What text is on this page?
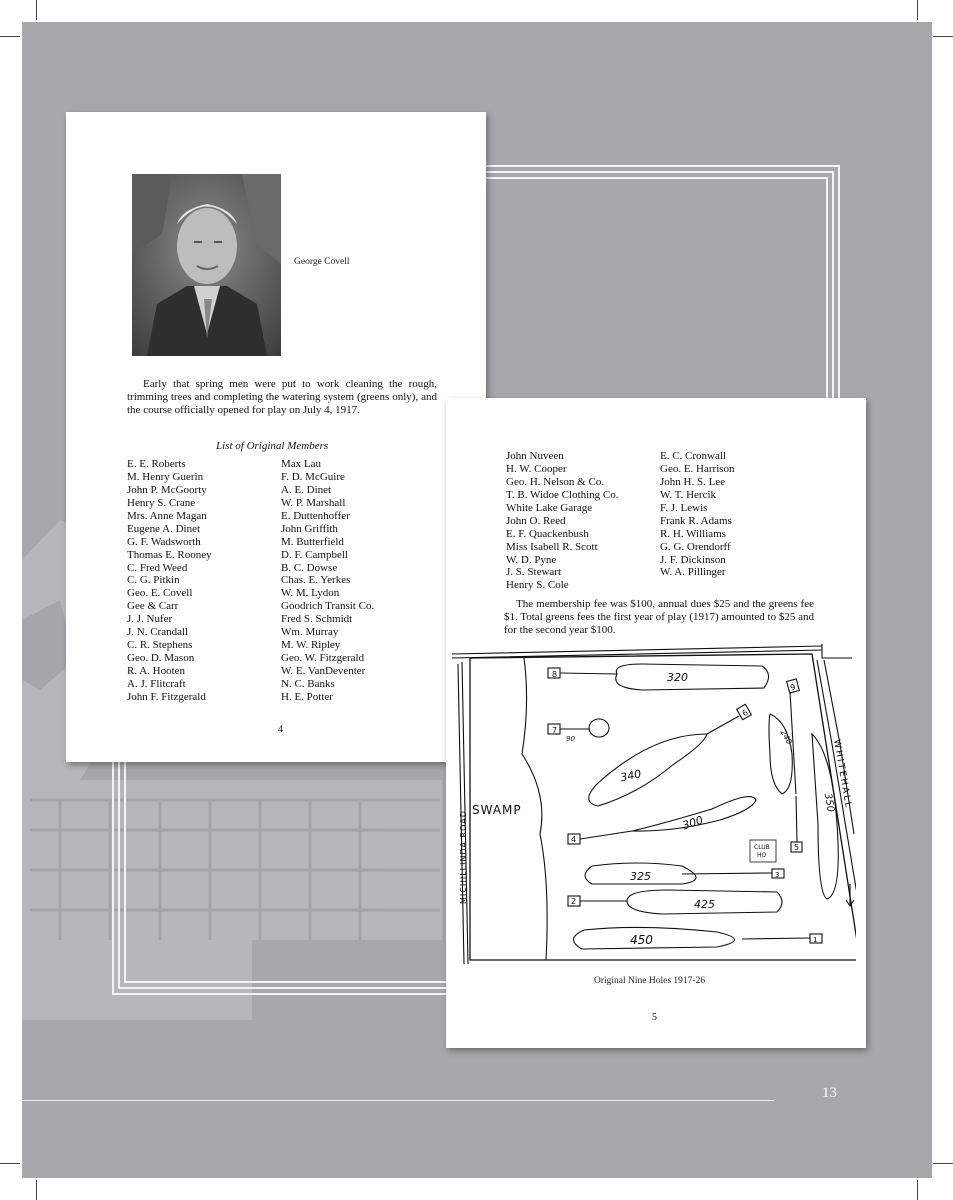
George Covell
Early that spring men were put to work cleaning the rough, trimming trees and completing the watering system (greens only), and the course officially opened for play on July 4, 1917.
List of Original Members
E. E. Roberts
M. Henry Guerin
John P. McGoorty
Henry S. Crane
Mrs. Anne Magan
Eugene A. Dinet
G. F. Wadsworth
Thomas E. Rooney
C. Fred Weed
C. G. Pitkin
Geo. E. Covell
Gee & Carr
J. J. Nufer
J. N. Crandall
C. R. Stephens
Geo. D. Mason
R. A. Hooten
A. J. Flitcraft
John F. Fitzgerald
Max Lau
F. D. McGuire
A. E. Dinet
W. P. Marshall
E. Duttenhoffer
John Griffith
M. Butterfield
D. F. Campbell
B. C. Dowse
Chas. E. Yerkes
W. M. Lydon
Goodrich Transit Co.
Fred S. Schmidt
Wm. Murray
M. W. Ripley
Geo. W. Fitzgerald
W. E. VanDeventer
N. C. Banks
H. E. Potter
4
John Nuveen
H. W. Cooper
Geo. H. Nelson & Co.
T. B. Widoe Clothing Co.
White Lake Garage
John O. Reed
E. F. Quackenbush
Miss Isabell R. Scott
W. D. Pyne
J. S. Stewart
Henry S. Cole
E. C. Cronwall
Geo. E. Harrison
John H. S. Lee
W. T. Hercik
F. J. Lewis
Frank R. Adams
R. H. Williams
G. G. Orendorff
J. F. Dickinson
W. A. Pillinger
The membership fee was $100, annual dues $25 and the greens fee $1. Total greens fees the first year of play (1917) amounted to $25 and for the second year $100.
8
7
6
9
5
4
3
2
1
320
90
340
240
350
300
325
425
450
SWAMP
MICHILLINDA ROAD
WHITEHALL
CLUB
HO
Original Nine Holes 1917-26
5
13
